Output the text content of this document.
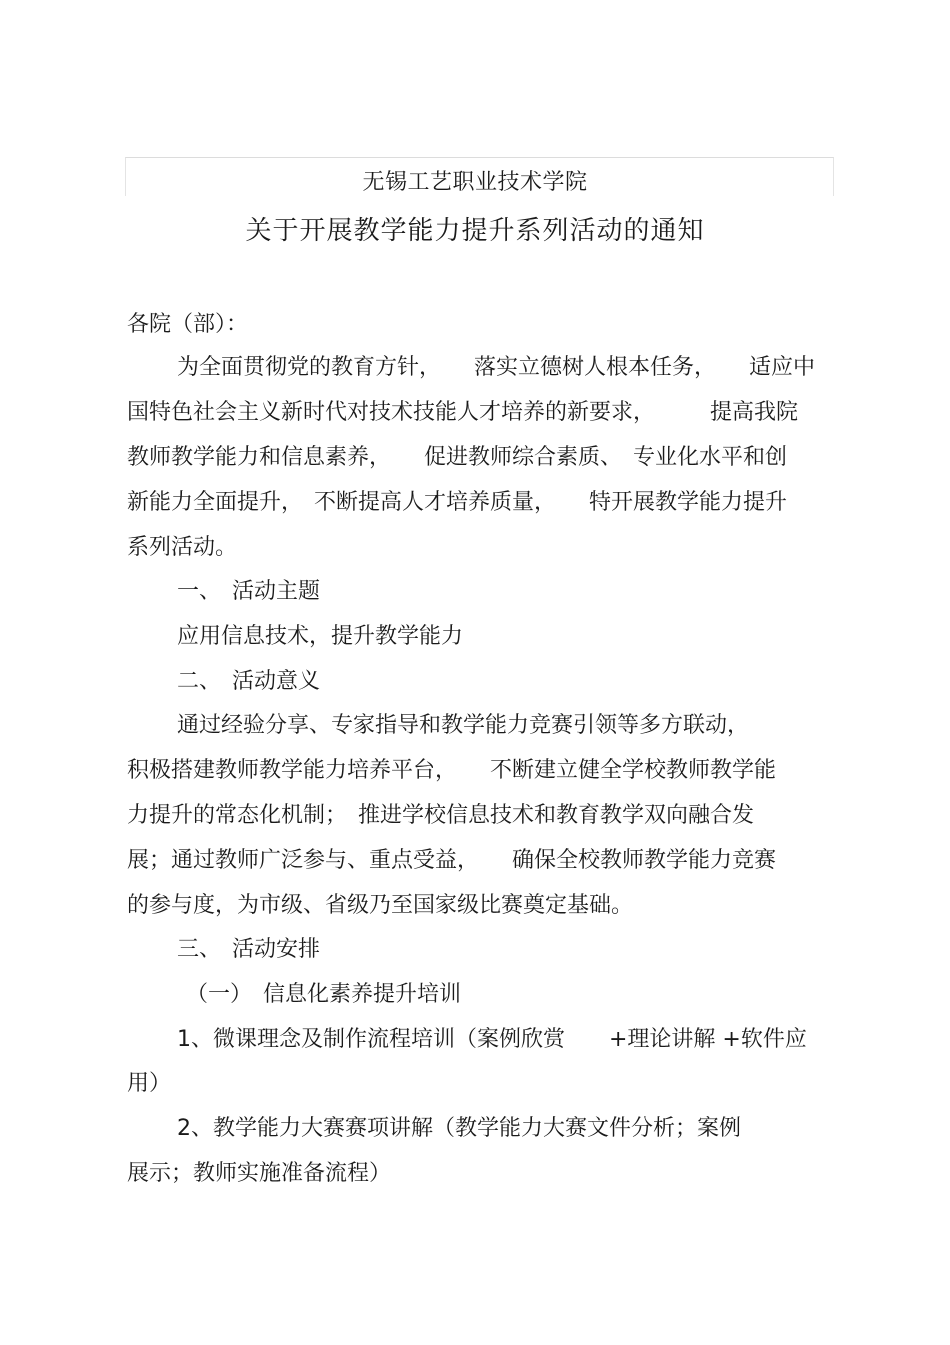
无锡工艺职业技术学院
关于开展教学能力提升系列活动的通知
各院（部）：
为全面贯彻党的教育方针，　　落实立德树人根本任务，　　适应中
国特色社会主义新时代对技术技能人才培养的新要求，　　　提高我院
教师教学能力和信息素养，　　促进教师综合素质、　专业化水平和创
新能力全面提升，　不断提高人才培养质量，　　特开展教学能力提升
系列活动。
一、　活动主题
应用信息技术，提升教学能力
二、　活动意义
通过经验分享、专家指导和教学能力竞赛引领等多方联动，
积极搭建教师教学能力培养平台，　　不断建立健全学校教师教学能
力提升的常态化机制；　推进学校信息技术和教育教学双向融合发
展；通过教师广泛参与、重点受益，　　确保全校教师教学能力竞赛
的参与度，为市级、省级乃至国家级比赛奠定基础。
三、　活动安排
（一）　信息化素养提升培训
1、微课理念及制作流程培训（案例欣赏　　+理论讲解 +软件应
用）
2、教学能力大赛赛项讲解（教学能力大赛文件分析；案例
展示；教师实施准备流程）
